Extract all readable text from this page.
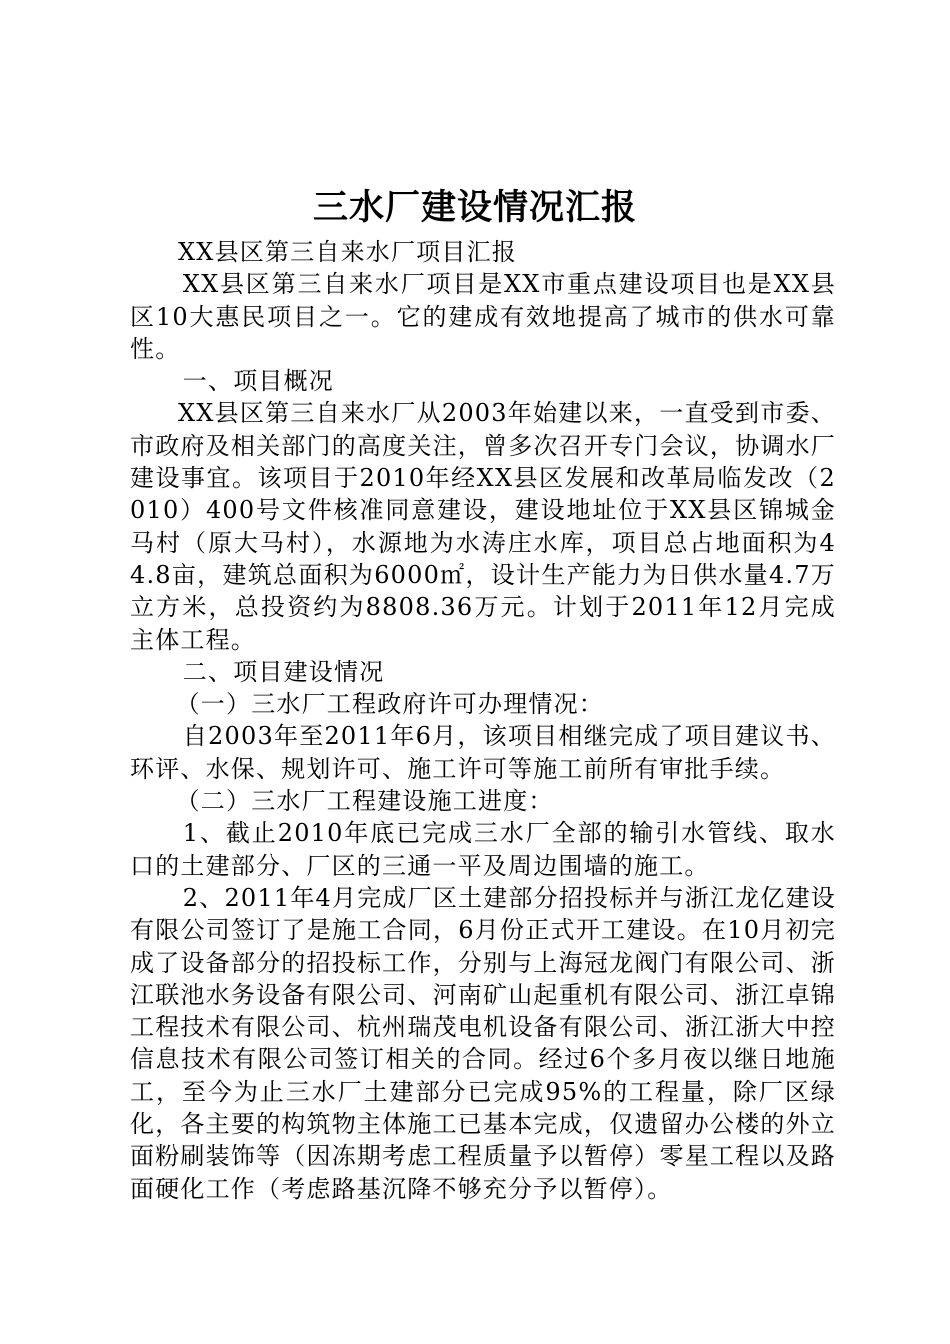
三水厂建设情况汇报

XX县区第三自来水厂项目汇报

XX县区第三自来水厂项目是XX市重点建设项目也是XX县区10大惠民项目之一。它的建成有效地提高了城市的供水可靠性。

一、项目概况

XX县区第三自来水厂从2003年始建以来，一直受到市委、市政府及相关部门的高度关注，曾多次召开专门会议，协调水厂建设事宜。该项目于2010年经XX县区发展和改革局临发改（2010）400号文件核准同意建设，建设地址位于XX县区锦城金马村（原大马村），水源地为水涛庄水库，项目总占地面积为44.8亩，建筑总面积为6000㎡，设计生产能力为日供水量4.7万立方米，总投资约为8808.36万元。计划于2011年12月完成主体工程。

二、项目建设情况

（一）三水厂工程政府许可办理情况：

自2003年至2011年6月，该项目相继完成了项目建议书、环评、水保、规划许可、施工许可等施工前所有审批手续。

（二）三水厂工程建设施工进度：

1、截止2010年底已完成三水厂全部的输引水管线、取水口的土建部分、厂区的三通一平及周边围墙的施工。

2、2011年4月完成厂区土建部分招投标并与浙江龙亿建设有限公司签订了是施工合同，6月份正式开工建设。在10月初完成了设备部分的招投标工作，分别与上海冠龙阀门有限公司、浙江联池水务设备有限公司、河南矿山起重机有限公司、浙江卓锦工程技术有限公司、杭州瑞茂电机设备有限公司、浙江浙大中控信息技术有限公司签订相关的合同。经过6个多月夜以继日地施工，至今为止三水厂土建部分已完成95%的工程量，除厂区绿化，各主要的构筑物主体施工已基本完成，仅遗留办公楼的外立面粉刷装饰等（因冻期考虑工程质量予以暂停）零星工程以及路面硬化工作（考虑路基沉降不够充分予以暂停）。
